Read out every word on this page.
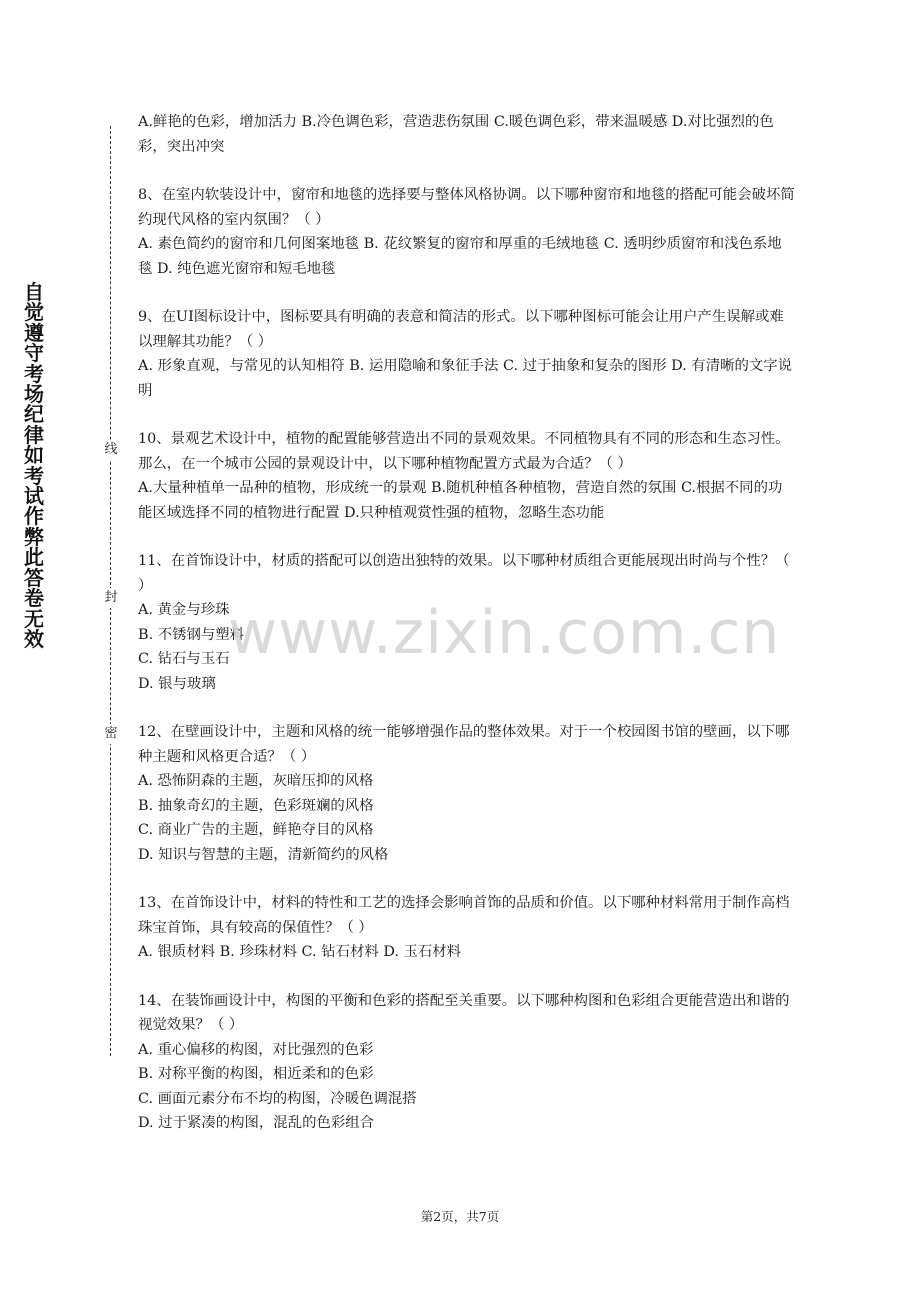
自觉遵守考场纪律如考试作弊此答卷无效
线
封
密

A.鲜艳的色彩，增加活力 B.冷色调色彩，营造悲伤氛围 C.暖色调色彩，带来温暖感 D.对比强烈的色彩，突出冲突

8、在室内软装设计中，窗帘和地毯的选择要与整体风格协调。以下哪种窗帘和地毯的搭配可能会破坏简约现代风格的室内氛围？（ ）

A. 素色简约的窗帘和几何图案地毯 B. 花纹繁复的窗帘和厚重的毛绒地毯 C. 透明纱质窗帘和浅色系地毯 D. 纯色遮光窗帘和短毛地毯

9、在UI图标设计中，图标要具有明确的表意和简洁的形式。以下哪种图标可能会让用户产生误解或难以理解其功能？（ ）

A. 形象直观，与常见的认知相符 B. 运用隐喻和象征手法 C. 过于抽象和复杂的图形 D. 有清晰的文字说明

10、景观艺术设计中，植物的配置能够营造出不同的景观效果。不同植物具有不同的形态和生态习性。那么，在一个城市公园的景观设计中，以下哪种植物配置方式最为合适？（ ）

A.大量种植单一品种的植物，形成统一的景观 B.随机种植各种植物，营造自然的氛围 C.根据不同的功能区域选择不同的植物进行配置 D.只种植观赏性强的植物，忽略生态功能

11、在首饰设计中，材质的搭配可以创造出独特的效果。以下哪种材质组合更能展现出时尚与个性？（ ）

A. 黄金与珍珠

B. 不锈钢与塑料

C. 钻石与玉石

D. 银与玻璃

12、在壁画设计中，主题和风格的统一能够增强作品的整体效果。对于一个校园图书馆的壁画，以下哪种主题和风格更合适？（ ）

A. 恐怖阴森的主题，灰暗压抑的风格

B. 抽象奇幻的主题，色彩斑斓的风格

C. 商业广告的主题，鲜艳夺目的风格

D. 知识与智慧的主题，清新简约的风格

13、在首饰设计中，材料的特性和工艺的选择会影响首饰的品质和价值。以下哪种材料常用于制作高档珠宝首饰，具有较高的保值性？（ ）

A. 银质材料 B. 珍珠材料 C. 钻石材料 D. 玉石材料

14、在装饰画设计中，构图的平衡和色彩的搭配至关重要。以下哪种构图和色彩组合更能营造出和谐的视觉效果？（ ）

A. 重心偏移的构图，对比强烈的色彩

B. 对称平衡的构图，相近柔和的色彩

C. 画面元素分布不均的构图，冷暖色调混搭

D. 过于紧凑的构图，混乱的色彩组合

www.zixin.com.cn
第2页，共7页
